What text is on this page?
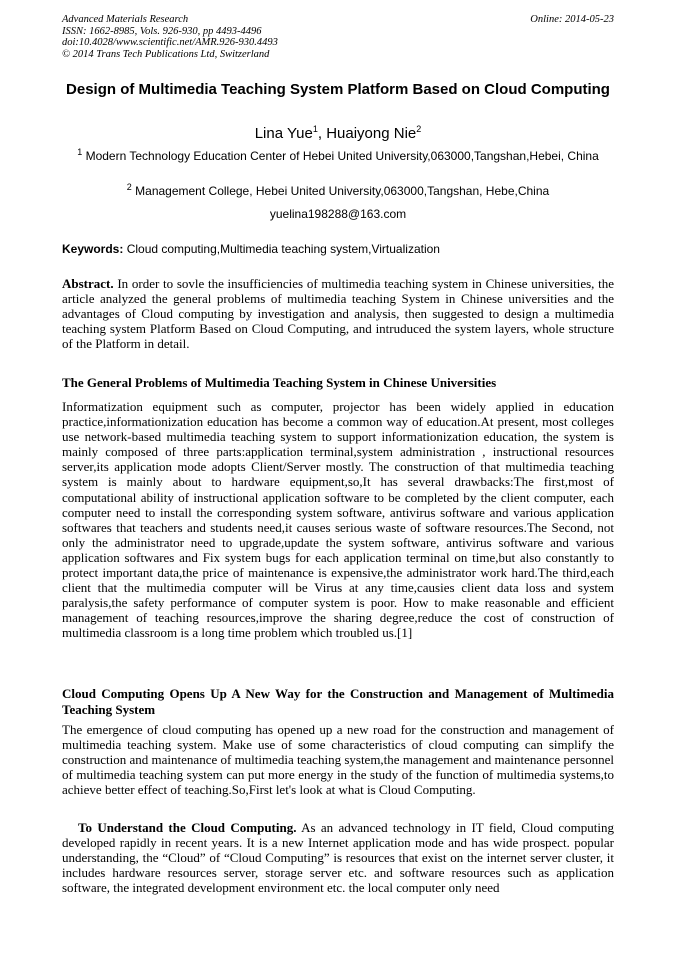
Advanced Materials Research
ISSN: 1662-8985, Vols. 926-930, pp 4493-4496
doi:10.4028/www.scientific.net/AMR.926-930.4493
© 2014 Trans Tech Publications Ltd, Switzerland
Online: 2014-05-23
Design of Multimedia Teaching System Platform Based on Cloud Computing
Lina Yue$^1$, Huaiyong Nie$^2$
$^1$ Modern Technology Education Center of Hebei United University,063000,Tangshan,Hebei, China
$^2$ Management College, Hebei United University,063000,Tangshan, Hebe,China
yuelina198288@163.com
Keywords: Cloud computing,Multimedia teaching system,Virtualization
Abstract. In order to sovle the insufficiencies of multimedia teaching system in Chinese universities, the article analyzed the general problems of multimedia teaching System in Chinese universities and the advantages of Cloud computing by investigation and analysis, then suggested to design a multimedia teaching system Platform Based on Cloud Computing, and intruduced the system layers, whole structure of the Platform in detail.
The General Problems of Multimedia Teaching System in Chinese Universities
Informatization equipment such as computer, projector has been widely applied in education practice,informationization education has become a common way of education.At present, most colleges use network-based multimedia teaching system to support informationization education, the system is mainly composed of three parts:application terminal,system administration , instructional resources server,its application mode adopts Client/Server mostly. The construction of that multimedia teaching system is mainly about to hardware equipment,so,It has several drawbacks:The first,most of computational ability of instructional application software to be completed by the client computer, each computer need to install the corresponding system software, antivirus software and various application softwares that teachers and students need,it causes serious waste of software resources.The Second, not only the administrator need to upgrade,update the system software, antivirus software and various application softwares and Fix system bugs for each application terminal on time,but also constantly to protect important data,the price of maintenance is expensive,the administrator work hard.The third,each client that the multimedia computer will be Virus at any time,causies client data loss and system paralysis,the safety performance of computer system is poor. How to make reasonable and efficient management of teaching resources,improve the sharing degree,reduce the cost of construction of multimedia classroom is a long time problem which troubled us.[1]
Cloud Computing Opens Up A New Way for the Construction and Management of Multimedia Teaching System
The emergence of cloud computing has opened up a new road for the construction and management of multimedia teaching system. Make use of some characteristics of cloud computing can simplify the construction and maintenance of multimedia teaching system,the management and maintenance personnel of multimedia teaching system can put more energy in the study of the function of multimedia systems,to achieve better effect of teaching.So,First let's look at what is Cloud Computing.
To Understand the Cloud Computing. As an advanced technology in IT field, Cloud computing developed rapidly in recent years. It is a new Internet application mode and has wide prospect. popular understanding, the “Cloud” of “Cloud Computing” is resources that exist on the internet server cluster, it includes hardware resources server, storage server etc. and software resources such as application software, the integrated development environment etc. the local computer only need
